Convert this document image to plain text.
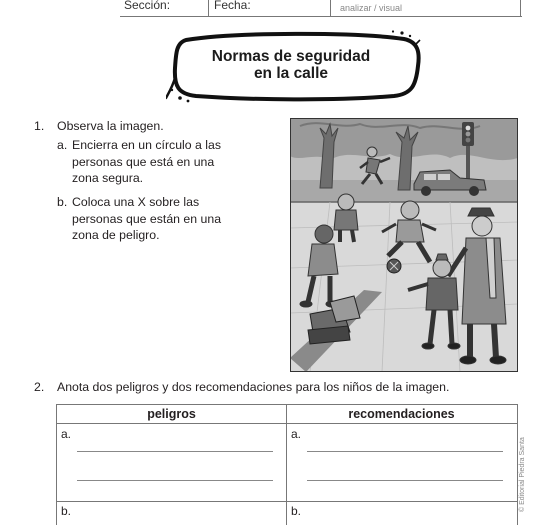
Sección:	Fecha:	analizar / visual
Normas de seguridad
en la calle
1. Observa la imagen.
a. Encierra en un círculo a las personas que está en una zona segura.
b. Coloca una X sobre las personas que están en una zona de peligro.
2. Anota dos peligros y dos recomendaciones para los niños de la imagen.
peligros	recomendaciones
a.	a.
b.	b.	© Editorial Piedra Santa
